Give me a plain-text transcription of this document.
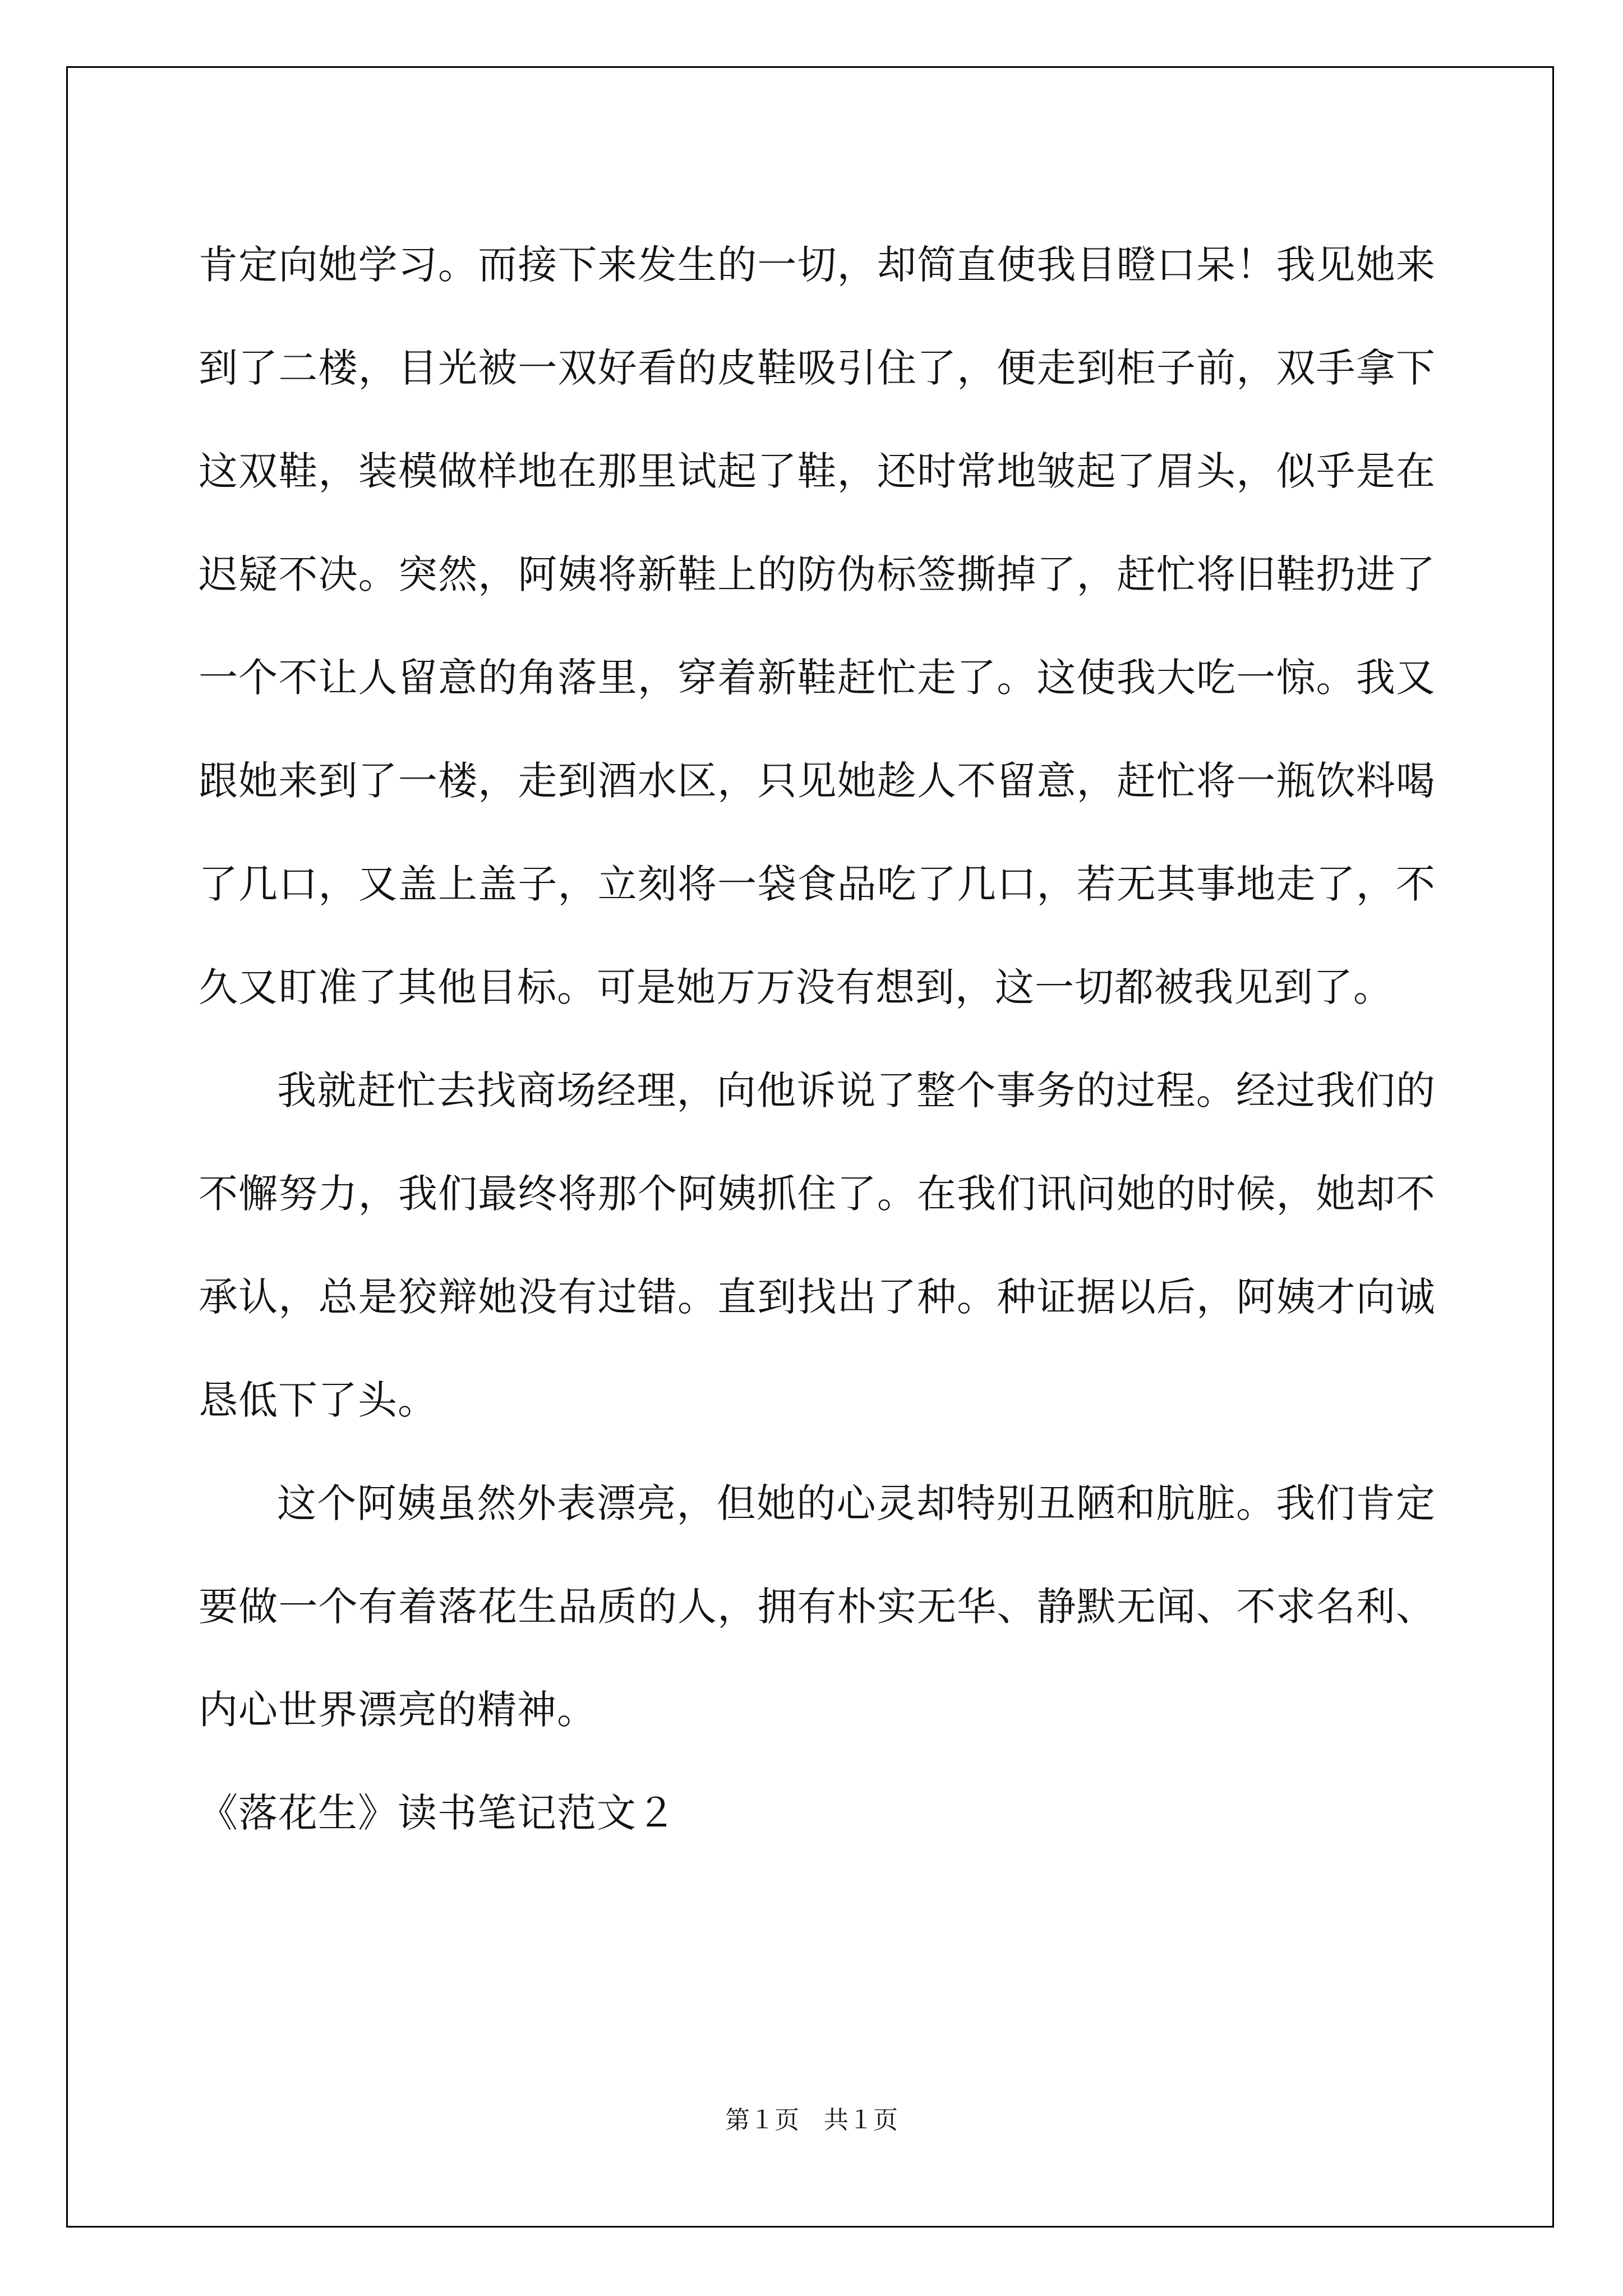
肯定向她学习。而接下来发生的一切，却简直使我目瞪口呆！我见她来到了二楼，目光被一双好看的皮鞋吸引住了，便走到柜子前，双手拿下这双鞋，装模做样地在那里试起了鞋，还时常地皱起了眉头，似乎是在迟疑不决。突然，阿姨将新鞋上的防伪标签撕掉了，赶忙将旧鞋扔进了一个不让人留意的角落里，穿着新鞋赶忙走了。这使我大吃一惊。我又跟她来到了一楼，走到酒水区，只见她趁人不留意，赶忙将一瓶饮料喝了几口，又盖上盖子，立刻将一袋食品吃了几口，若无其事地走了，不久又盯准了其他目标。可是她万万没有想到，这一切都被我见到了。

我就赶忙去找商场经理，向他诉说了整个事务的过程。经过我们的不懈努力，我们最终将那个阿姨抓住了。在我们讯问她的时候，她却不承认，总是狡辩她没有过错。直到找出了种。种证据以后，阿姨才向诚恳低下了头。

这个阿姨虽然外表漂亮，但她的心灵却特别丑陋和肮脏。我们肯定要做一个有着落花生品质的人，拥有朴实无华、静默无闻、不求名利、内心世界漂亮的精神。

《落花生》读书笔记范文２

第１页 共１页
